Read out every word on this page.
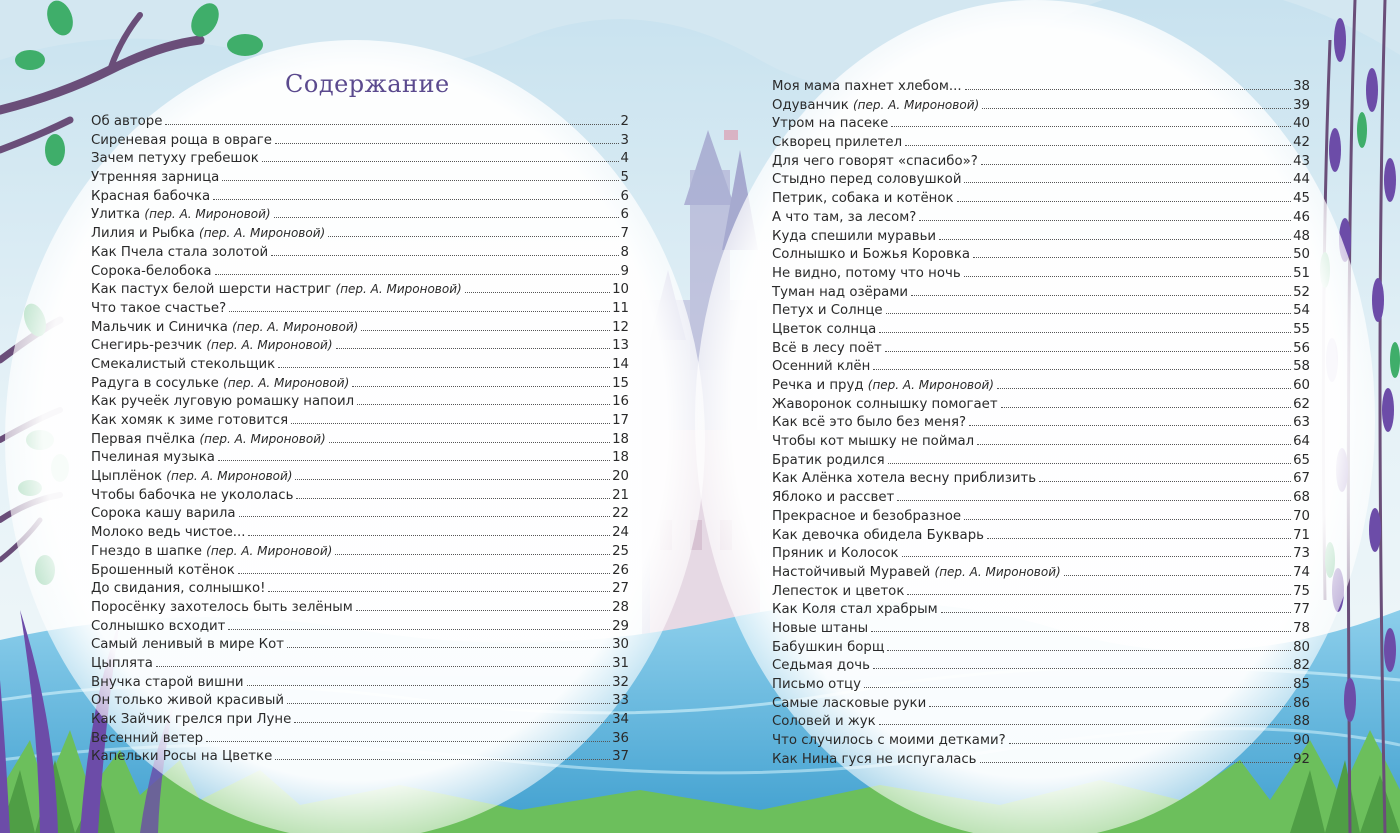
Содержание
Об авторе	2
Сиреневая роща в овраге	3
Зачем петуху гребешок	4
Утренняя зарница	5
Красная бабочка	6
Улитка (пер. А. Мироновой)	6
Лилия и Рыбка (пер. А. Мироновой)	7
Как Пчела стала золотой	8
Сорока-белобока	9
Как пастух белой шерсти настриг (пер. А. Мироновой)	10
Что такое счастье?	11
Мальчик и Синичка (пер. А. Мироновой)	12
Снегирь-резчик (пер. А. Мироновой)	13
Смекалистый стекольщик	14
Радуга в сосульке (пер. А. Мироновой)	15
Как ручеёк луговую ромашку напоил	16
Как хомяк к зиме готовится	17
Первая пчёлка (пер. А. Мироновой)	18
Пчелиная музыка	18
Цыплёнок (пер. А. Мироновой)	20
Чтобы бабочка не укололась	21
Сорока кашу варила	22
Молоко ведь чистое...	24
Гнездо в шапке (пер. А. Мироновой)	25
Брошенный котёнок	26
До свидания, солнышко!	27
Поросёнку захотелось быть зелёным	28
Солнышко всходит	29
Самый ленивый в мире Кот	30
Цыплята	31
Внучка старой вишни	32
Он только живой красивый	33
Как Зайчик грелся при Луне	34
Весенний ветер	36
Капельки Росы на Цветке	37
Моя мама пахнет хлебом...	38
Одуванчик (пер. А. Мироновой)	39
Утром на пасеке	40
Скворец прилетел	42
Для чего говорят «спасибо»?	43
Стыдно перед соловушкой	44
Петрик, собака и котёнок	45
А что там, за лесом?	46
Куда спешили муравьи	48
Солнышко и Божья Коровка	50
Не видно, потому что ночь	51
Туман над озёрами	52
Петух и Солнце	54
Цветок солнца	55
Всё в лесу поёт	56
Осенний клён	58
Речка и пруд (пер. А. Мироновой)	60
Жаворонок солнышку помогает	62
Как всё это было без меня?	63
Чтобы кот мышку не поймал	64
Братик родился	65
Как Алёнка хотела весну приблизить	67
Яблоко и рассвет	68
Прекрасное и безобразное	70
Как девочка обидела Букварь	71
Пряник и Колосок	73
Настойчивый Муравей (пер. А. Мироновой)	74
Лепесток и цветок	75
Как Коля стал храбрым	77
Новые штаны	78
Бабушкин борщ	80
Седьмая дочь	82
Письмо отцу	85
Самые ласковые руки	86
Соловей и жук	88
Что случилось с моими детками?	90
Как Нина гуся не испугалась	92
